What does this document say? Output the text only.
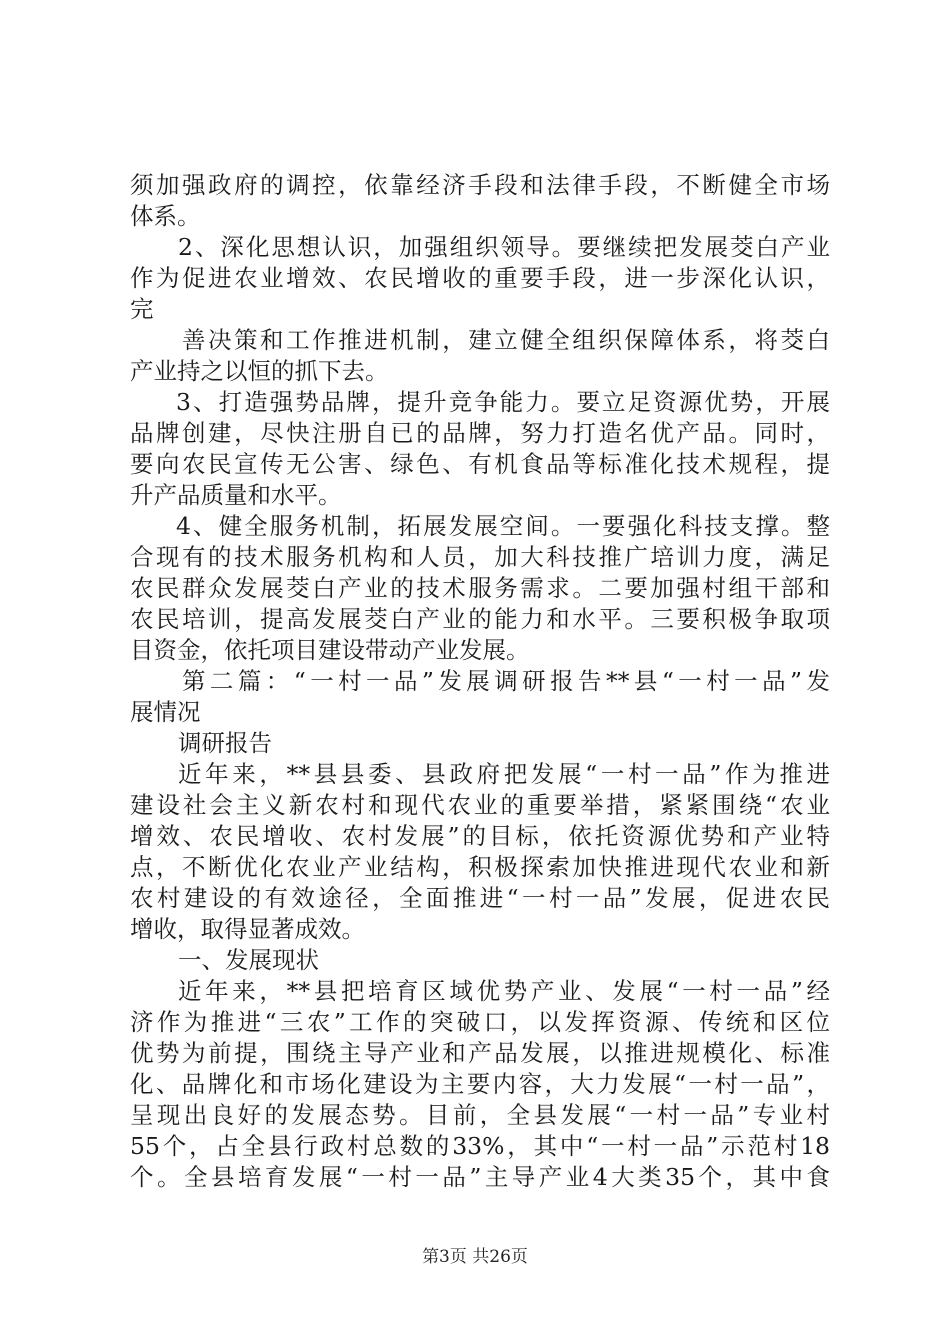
须加强政府的调控，依靠经济手段和法律手段，不断健全市场
体系。
2、深化思想认识，加强组织领导。要继续把发展茭白产业
作为促进农业增效、农民增收的重要手段，进一步深化认识，
完
善决策和工作推进机制，建立健全组织保障体系，将茭白
产业持之以恒的抓下去。
3、打造强势品牌，提升竞争能力。要立足资源优势，开展
品牌创建，尽快注册自已的品牌，努力打造名优产品。同时，
要向农民宣传无公害、绿色、有机食品等标准化技术规程，提
升产品质量和水平。
4、健全服务机制，拓展发展空间。一要强化科技支撑。整
合现有的技术服务机构和人员，加大科技推广培训力度，满足
农民群众发展茭白产业的技术服务需求。二要加强村组干部和
农民培训，提高发展茭白产业的能力和水平。三要积极争取项
目资金，依托项目建设带动产业发展。
第二篇：“一村一品”发展调研报告**县“一村一品”发
展情况
调研报告
近年来，**县县委、县政府把发展“一村一品”作为推进
建设社会主义新农村和现代农业的重要举措，紧紧围绕“农业
增效、农民增收、农村发展”的目标，依托资源优势和产业特
点，不断优化农业产业结构，积极探索加快推进现代农业和新
农村建设的有效途径，全面推进“一村一品”发展，促进农民
增收，取得显著成效。
一、发展现状
近年来，**县把培育区域优势产业、发展“一村一品”经
济作为推进“三农”工作的突破口，以发挥资源、传统和区位
优势为前提，围绕主导产业和产品发展，以推进规模化、标准
化、品牌化和市场化建设为主要内容，大力发展“一村一品”，
呈现出良好的发展态势。目前，全县发展“一村一品”专业村
55个，占全县行政村总数的33%，其中“一村一品”示范村18
个。全县培育发展“一村一品”主导产业4大类35个，其中食
第3页 共26页
